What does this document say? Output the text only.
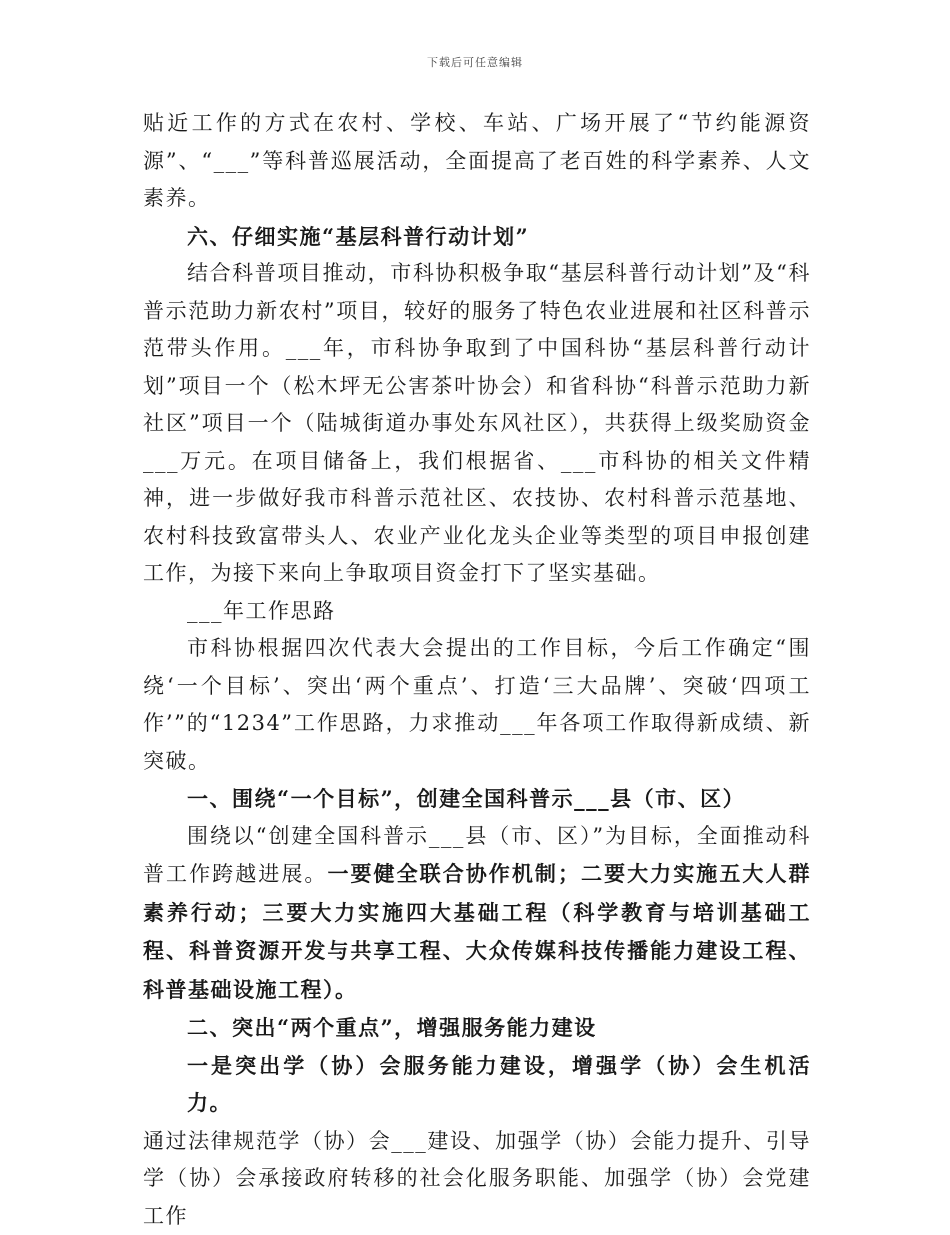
下载后可任意编辑

贴近工作的方式在农村、学校、车站、广场开展了“节约能源资源”、“___”等科普巡展活动，全面提高了老百姓的科学素养、人文素养。

六、仔细实施“基层科普行动计划”

结合科普项目推动，市科协积极争取“基层科普行动计划”及“科普示范助力新农村”项目，较好的服务了特色农业进展和社区科普示范带头作用。___年，市科协争取到了中国科协“基层科普行动计划”项目一个（松木坪无公害茶叶协会）和省科协“科普示范助力新社区”项目一个（陆城街道办事处东风社区），共获得上级奖励资金___万元。在项目储备上，我们根据省、___市科协的相关文件精神，进一步做好我市科普示范社区、农技协、农村科普示范基地、农村科技致富带头人、农业产业化龙头企业等类型的项目申报创建工作，为接下来向上争取项目资金打下了坚实基础。

___年工作思路

市科协根据四次代表大会提出的工作目标，今后工作确定“围绕‘一个目标’、突出‘两个重点’、打造‘三大品牌’、突破‘四项工作’”的“1234”工作思路，力求推动___年各项工作取得新成绩、新突破。

一、围绕“一个目标”，创建全国科普示___县（市、区）

围绕以“创建全国科普示___县（市、区）”为目标，全面推动科普工作跨越进展。一要健全联合协作机制；二要大力实施五大人群素养行动；三要大力实施四大基础工程（科学教育与培训基础工程、科普资源开发与共享工程、大众传媒科技传播能力建设工程、科普基础设施工程）。

二、突出“两个重点”，增强服务能力建设

一是突出学（协）会服务能力建设，增强学（协）会生机活力。通过法律规范学（协）会___建设、加强学（协）会能力提升、引导学（协）会承接政府转移的社会化服务职能、加强学（协）会党建工作
